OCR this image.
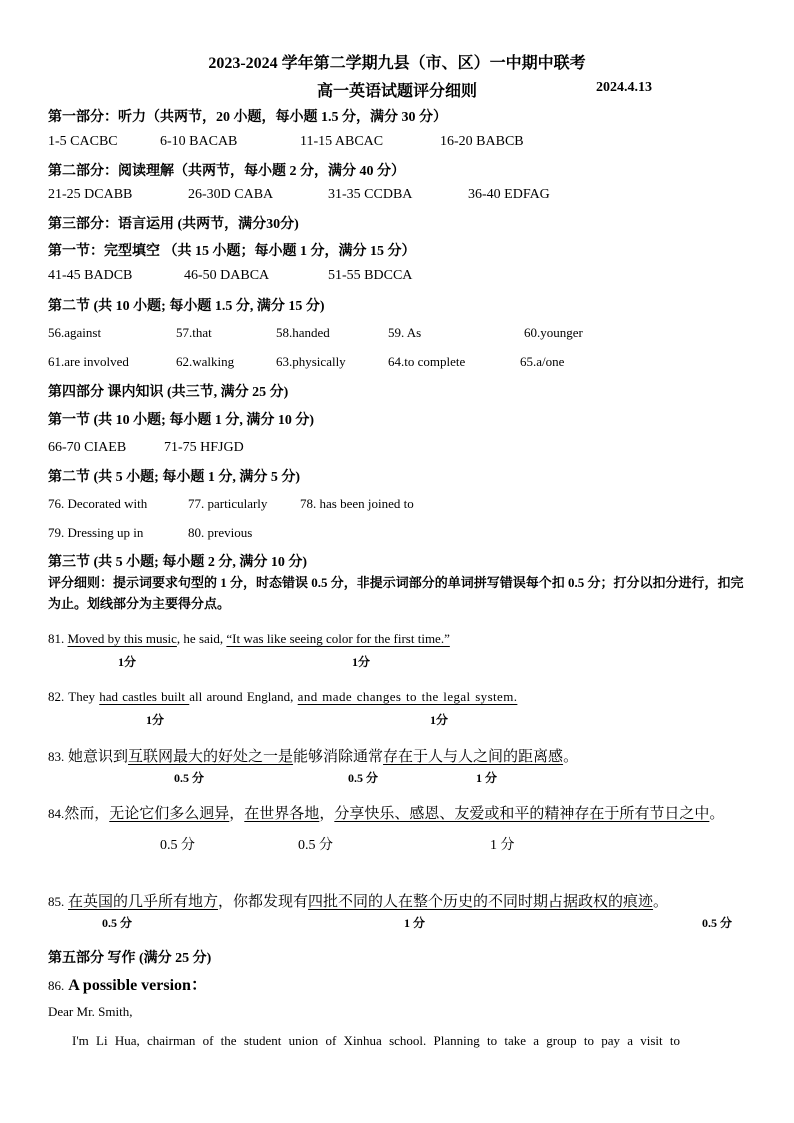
2023-2024 学年第二学期九县（市、区）一中期中联考
高一英语试题评分细则	2024.4.13
第一部分：听力（共两节，20 小题，每小题 1.5 分，满分 30 分）
1-5 CACBC	6-10 BACAB	11-15 ABCAC	16-20 BABCB
第二部分：阅读理解（共两节，每小题 2 分，满分 40 分）
21-25 DCABB	26-30D CABA	31-35 CCDBA	36-40 EDFAG
第三部分：语言运用 (共两节，满分30分)
第一节：完型填空 （共 15 小题；每小题 1 分，满分 15 分）
41-45 BADCB	46-50 DABCA	51-55 BDCCA
第二节 (共 10 小题; 每小题 1.5 分, 满分 15 分)
56.against	57.that	58.handed	59. As	60.younger
61.are involved	62.walking	63.physically	64.to complete	65.a/one
第四部分 课内知识 (共三节, 满分 25 分)
第一节 (共 10 小题; 每小题 1 分, 满分 10 分)
66-70 CIAEB	71-75 HFJGD
第二节 (共 5 小题; 每小题 1 分, 满分 5 分)
76. Decorated with	77. particularly	78. has been joined to
79. Dressing up in	80. previous
第三节 (共 5 小题; 每小题 2 分, 满分 10 分)
评分细则：提示词要求句型的 1 分，时态错误 0.5 分，非提示词部分的单词拼写错误每个扣 0.5 分；打分以扣分进行，扣完为止。划线部分为主要得分点。
81. Moved by this music, he said, “It was like seeing color for the first time.”
1分	1分
82. They had castles built all around England, and made changes to the legal system.
1分	1分
83. 她意识到互联网最大的好处之一是能够消除通常存在于人与人之间的距离感。
0.5 分	0.5 分	1 分
84.然而，无论它们多么迥异，在世界各地，分享快乐、感恩、友爱或和平的精神存在于所有节日之中。
0.5 分	0.5 分	1 分
85. 在英国的几乎所有地方，你都发现有四批不同的人在整个历史的不同时期占据政权的痕迹。
0.5 分	1 分	0.5 分
第五部分 写作 (满分 25 分)
86. A possible version：
Dear Mr. Smith,
I'm Li Hua, chairman of the student union of Xinhua school. Planning to take a group to pay a visit to
